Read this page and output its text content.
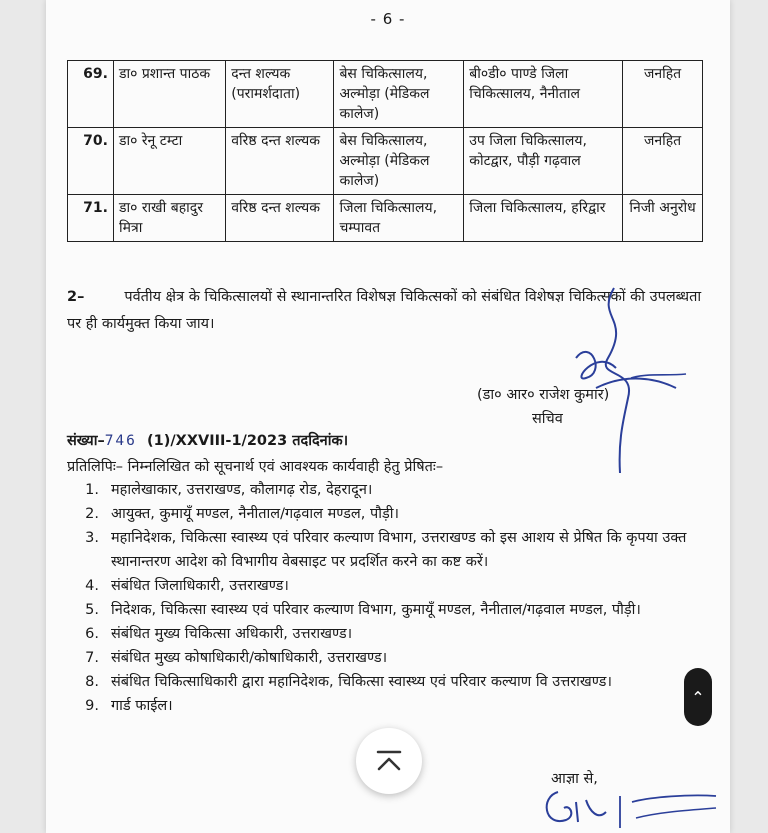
- 6 -
69.	डा० प्रशान्त पाठक	दन्त शल्यक (परामर्शदाता)	बेस चिकित्सालय, अल्मोड़ा (मेडिकल कालेज)	बी०डी० पाण्डे जिला चिकित्सालय, नैनीताल	जनहित
70.	डा० रेनू टम्टा	वरिष्ठ दन्त शल्यक	बेस चिकित्सालय, अल्मोड़ा (मेडिकल कालेज)	उप जिला चिकित्सालय, कोटद्वार, पौड़ी गढ़वाल	जनहित
71.	डा० राखी बहादुर मित्रा	वरिष्ठ दन्त शल्यक	जिला चिकित्सालय, चम्पावत	जिला चिकित्सालय, हरिद्वार	निजी अनुरोध
2–	पर्वतीय क्षेत्र के चिकित्सालयों से स्थानान्तरित विशेषज्ञ चिकित्सकों को संबंधित विशेषज्ञ चिकित्सकों की उपलब्धता पर ही कार्यमुक्त किया जाय।
(डा० आर० राजेश कुमार)
सचिव
संख्या–746 (1)/XXVIII-1/2023 तददिनांक।
प्रतिलिपिः– निम्नलिखित को सूचनार्थ एवं आवश्यक कार्यवाही हेतु प्रेषितः–
1. महालेखाकार, उत्तराखण्ड, कौलागढ़ रोड, देहरादून।
2. आयुक्त, कुमायूँ मण्डल, नैनीताल/गढ़वाल मण्डल, पौड़ी।
3. महानिदेशक, चिकित्सा स्वास्थ्य एवं परिवार कल्याण विभाग, उत्तराखण्ड को इस आशय से प्रेषित कि कृपया उक्त स्थानान्तरण आदेश को विभागीय वेबसाइट पर प्रदर्शित करने का कष्ट करें।
4. संबंधित जिलाधिकारी, उत्तराखण्ड।
5. निदेशक, चिकित्सा स्वास्थ्य एवं परिवार कल्याण विभाग, कुमायूँ मण्डल, नैनीताल/गढ़वाल मण्डल, पौड़ी।
6. संबंधित मुख्य चिकित्सा अधिकारी, उत्तराखण्ड।
7. संबंधित मुख्य कोषाधिकारी/कोषाधिकारी, उत्तराखण्ड।
8. संबंधित चिकित्साधिकारी द्वारा महानिदेशक, चिकित्सा स्वास्थ्य एवं परिवार कल्याण वि उत्तराखण्ड।
9. गार्ड फाईल।
आज्ञा से,
⌃
